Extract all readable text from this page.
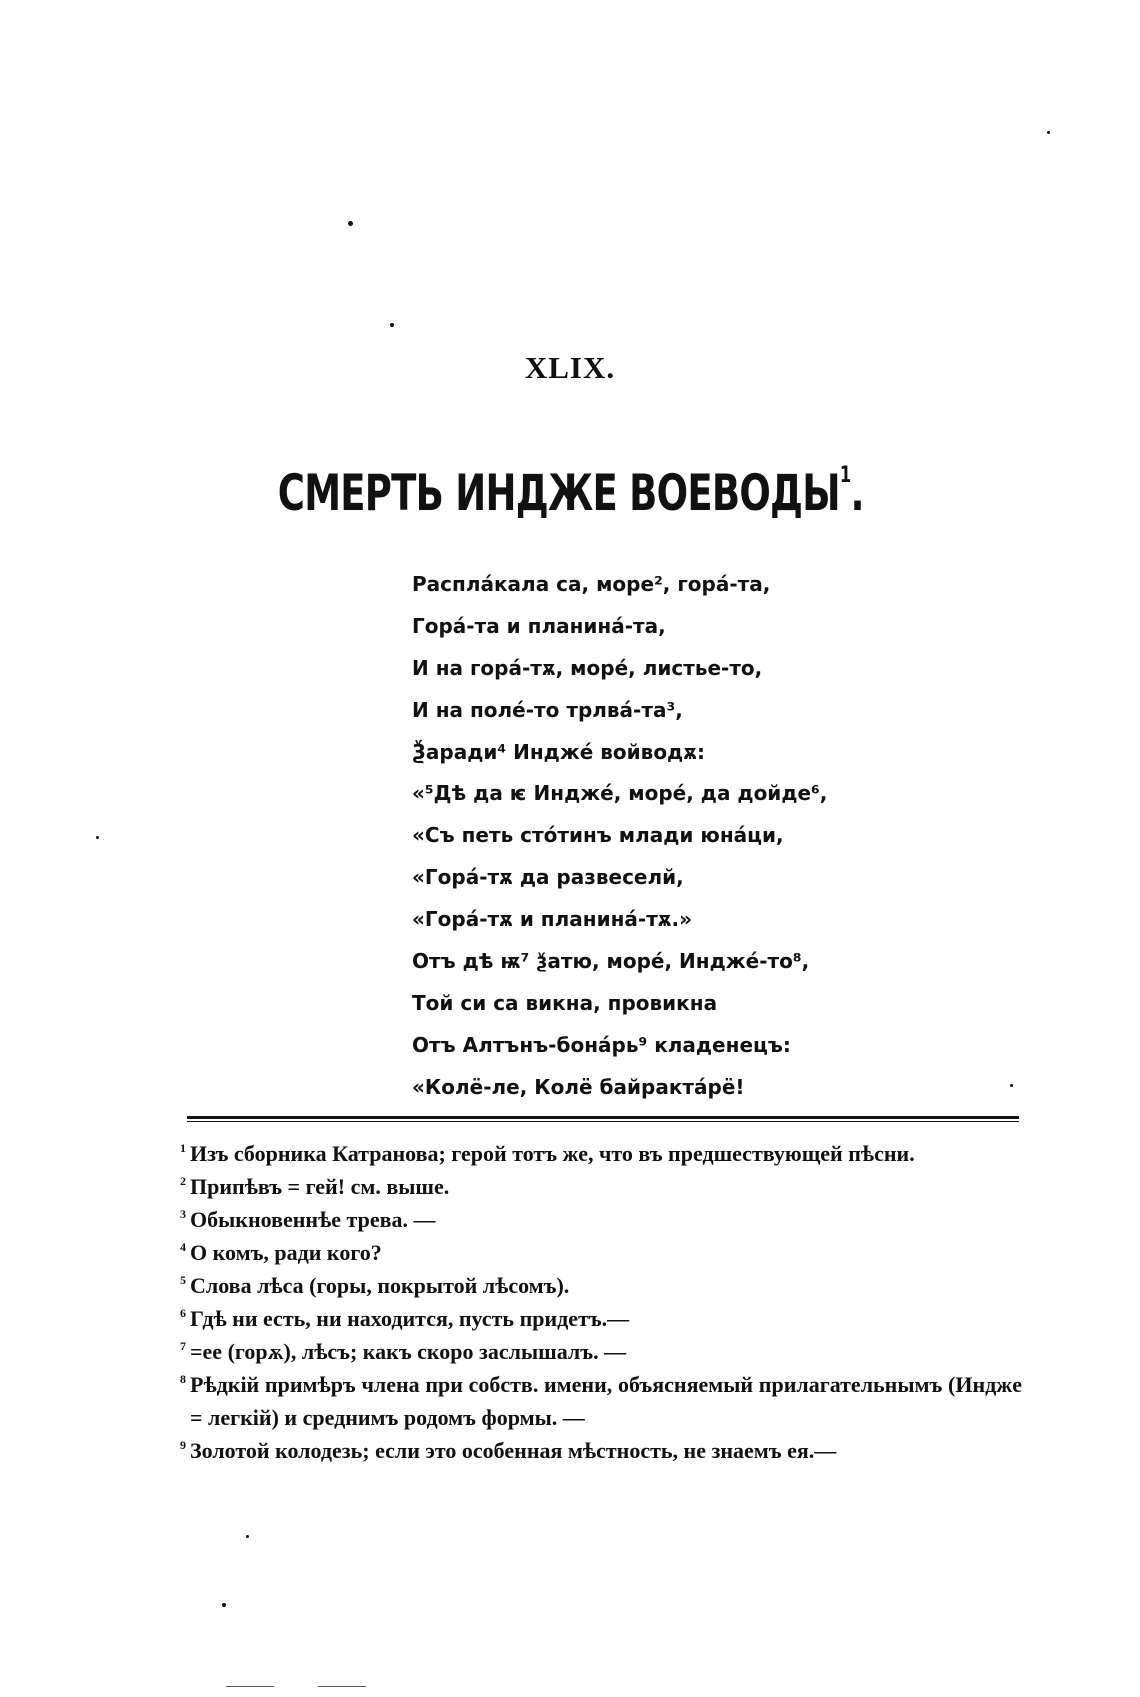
XLIX.
СМЕРТЬ ИНДЖЕ ВОЕВОДЫ$^1$.
Расплáкала са, море², горá-та,
Горá-та и планинá-та,
И на горá-тѫ, море́, листье-то,
И на полé-то трлвá-та³,
Ѯаради⁴ Инджé войводѫ:
«⁵Дѣ да ѥ Инджé, море́, да дойде⁶,
«Съ петь стóтинъ млади юнáци,
«Горá-тѫ да развеселй,
«Горá-тѫ и планинá-тѫ.»
Отъ дѣ ѭ⁷ ѯатю, море́, Инджé-то⁸,
Той си са викна, провикна
Отъ Алтънъ-бонáрь⁹ кладенецъ:
«Колё-ле, Колё байрактáрё!
1 Изъ сборника Катранова; герой тотъ же, что въ предшествующей пѣсни.
2 Припѣвъ = гей! см. выше.
3 Обыкновеннѣе трева. —
4 О комъ, ради кого?
5 Слова лѣса (горы, покрытой лѣсомъ).
6 Гдѣ ни есть, ни находится, пусть придетъ.—
7 =ее (горѫ), лѣсъ; какъ скоро заслышалъ. —
8 Рѣдкій примѣръ члена при собств. имени, объясняемый прилагательнымъ (Инджe = легкій) и среднимъ родомъ формы. —
9 Золотой колодезь; если это особенная мѣстность, не знаемъ ея.—
